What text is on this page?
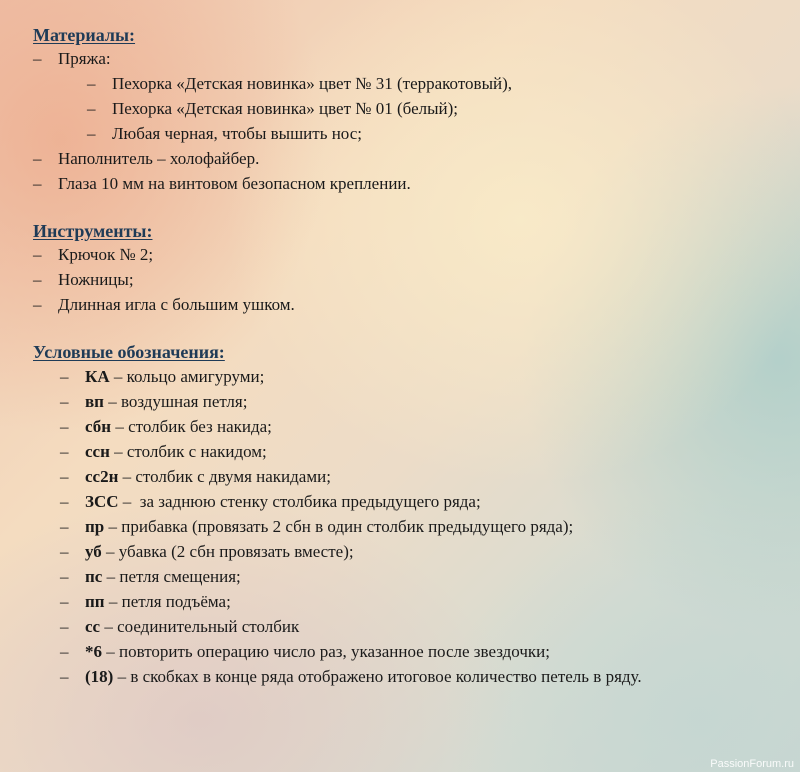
Материалы:
– Пряжа:
– Пехорка «Детская новинка» цвет № 31 (терракотовый),
– Пехорка «Детская новинка» цвет № 01 (белый);
– Любая черная, чтобы вышить нос;
– Наполнитель – холофайбер.
– Глаза 10 мм на винтовом безопасном креплении.
Инструменты:
– Крючок № 2;
– Ножницы;
– Длинная игла с большим ушком.
Условные обозначения:
– КА – кольцо амигуруми;
– вп – воздушная петля;
– сбн – столбик без накида;
– ссн – столбик с накидом;
– сс2н – столбик с двумя накидами;
– ЗСС –  за заднюю стенку столбика предыдущего ряда;
– пр – прибавка (провязать 2 сбн в один столбик предыдущего ряда);
– уб – убавка (2 сбн провязать вместе);
– пс – петля смещения;
– пп – петля подъёма;
– сс – соединительный столбик
– *6 – повторить операцию число раз, указанное после звездочки;
– (18) – в скобках в конце ряда отображено итоговое количество петель в ряду.
PassionForum.ru
